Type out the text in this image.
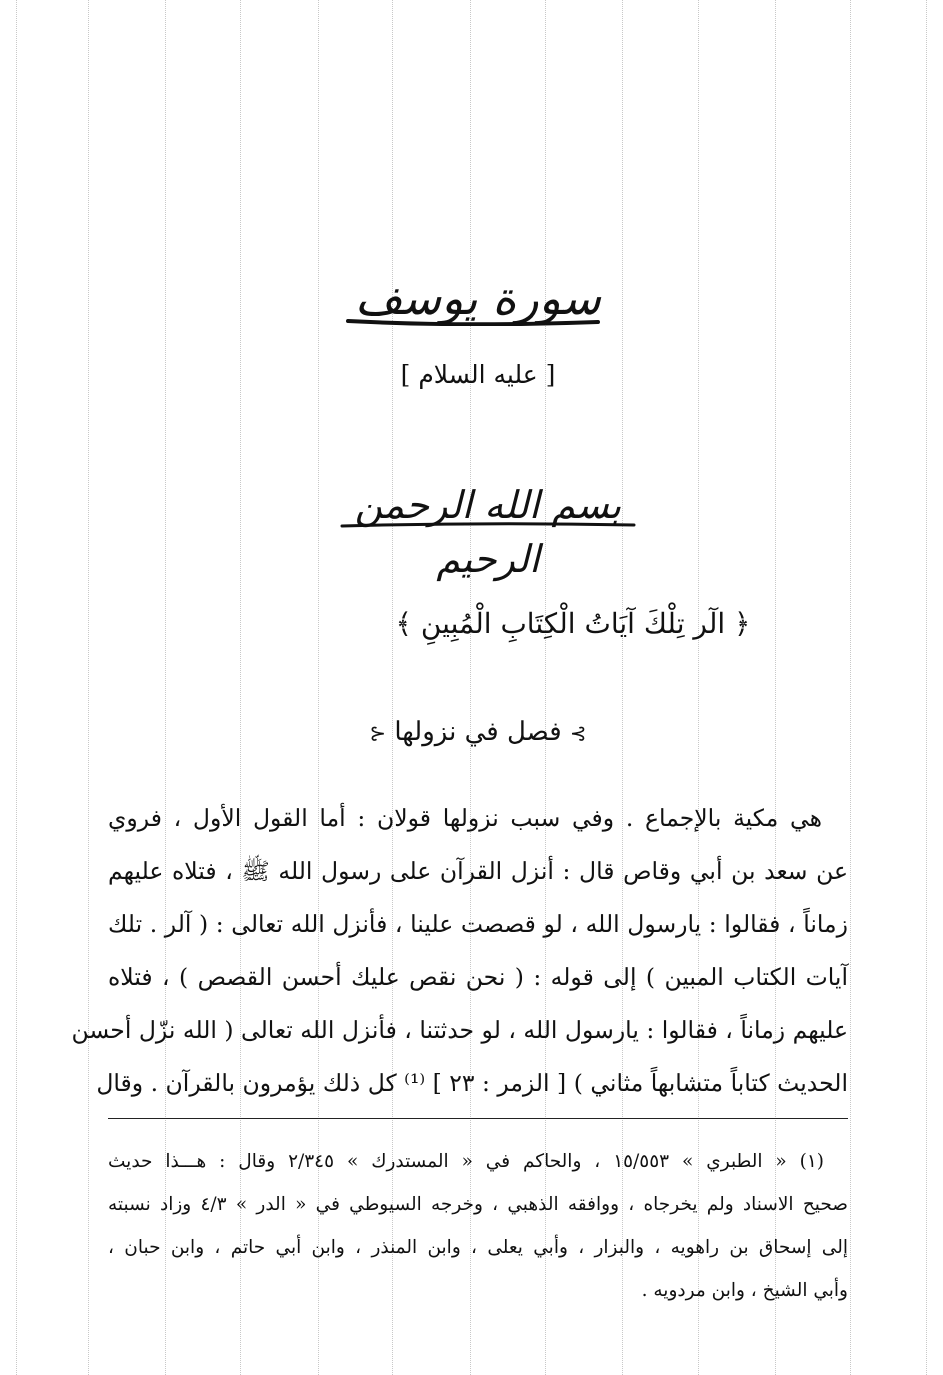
سورة يوسف
[ عليه السلام ]
بسم الله الرحمن الرحيم
﴿ الٓر تِلْكَ آيَاتُ الْكِتَابِ الْمُبِينِ ﴾
⊱ فصل في نزولها ⊰
هي مكية بالإجماع . وفي سبب نزولها قولان : أما القول الأول ، فروي
عن سعد بن أبي وقاص قال : أنزل القرآن على رسول الله ﷺ ، فتلاه عليهم
زماناً ، فقالوا : يارسول الله ، لو قصصت علينا ، فأنزل الله تعالى : ( آلر . تلك
آيات الكتاب المبين ) إلى قوله : ( نحن نقص عليك أحسن القصص ) ، فتلاه
عليهم زماناً ، فقالوا : يارسول الله ، لو حدثتنا ، فأنزل الله تعالى ( الله نزّل أحسن
الحديث كتاباً متشابهاً مثاني ) [ الزمر : ٢٣ ] ⁽¹⁾ كل ذلك يؤمرون بالقرآن . وقال
(١) « الطبري » ١٥/٥٥٣ ، والحاكم في « المستدرك » ٢/٣٤٥ وقال : هـــذا حديث
صحيح الاسناد ولم يخرجاه ، ووافقه الذهبي ، وخرجه السيوطي في « الدر » ٤/٣ وزاد نسبته
إلى إسحاق بن راهويه ، والبزار ، وأبي يعلى ، وابن المنذر ، وابن أبي حاتم ، وابن حبان ،
وأبي الشيخ ، وابن مردويه .
